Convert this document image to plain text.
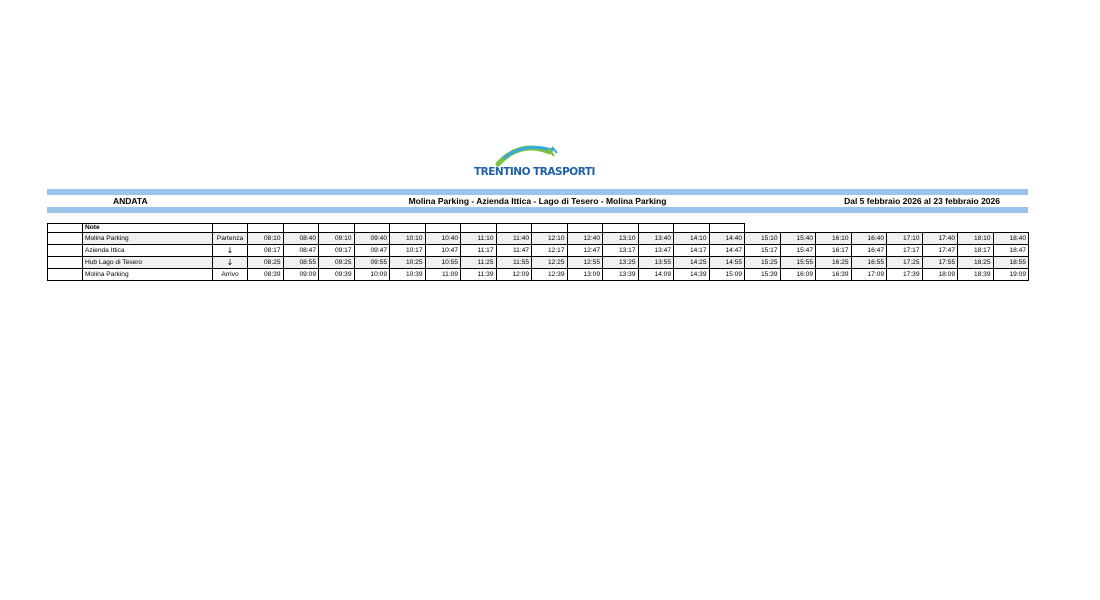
TRENTINO TRASPORTI
ANDATA	Molina Parking - Azienda Ittica - Lago di Tesero - Molina Parking	Dal 5 febbraio 2026 al 23 febbraio 2026
	Note																							
	Molina Parking	Partenza	08:10	08:40	09:10	09:40	10:10	10:40	11:10	11:40	12:10	12:40	13:10	13:40	14:10	14:40	15:10	15:40	16:10	16:40	17:10	17:40	18:10	18:40
	Azienda Ittica	↓	08:17	08:47	09:17	09:47	10:17	10:47	11:17	11:47	12:17	12:47	13:17	13:47	14:17	14:47	15:17	15:47	16:17	16:47	17:17	17:47	18:17	18:47
	Hub Lago di Tesero	↓	08:25	08:55	09:25	09:55	10:25	10:55	11:25	11:55	12:25	12:55	13:25	13:55	14:25	14:55	15:25	15:55	16:25	16:55	17:25	17:55	18:25	18:55
	Molina Parking	Arrivo	08:39	09:09	09:39	10:09	10:39	11:09	11:39	12:09	12:39	13:09	13:39	14:09	14:39	15:09	15:39	16:09	16:39	17:09	17:39	18:09	18:39	19:09
